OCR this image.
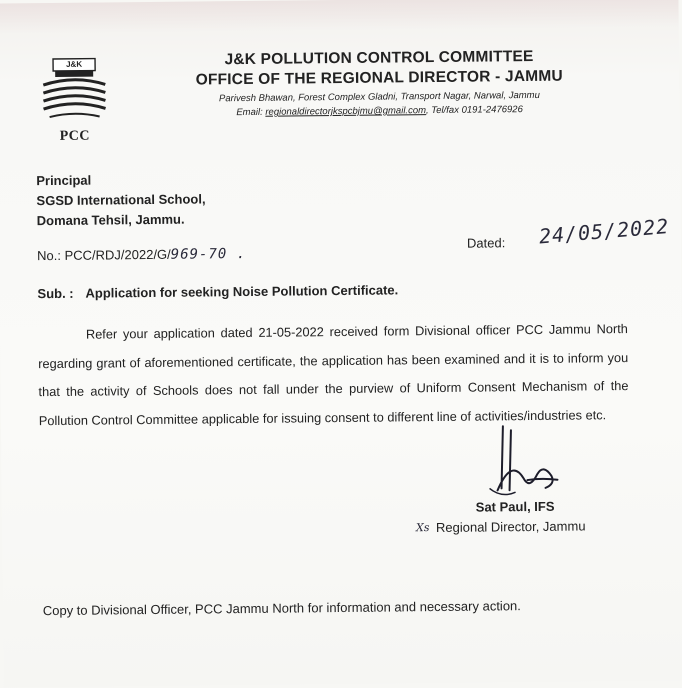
J&K
PCC
J&K POLLUTION CONTROL COMMITTEE
OFFICE OF THE REGIONAL DIRECTOR - JAMMU
Parivesh Bhawan, Forest Complex Gladni, Transport Nagar, Narwal, Jammu
Email: regionaldirectorjkspcbjmu@gmail.com, Tel/fax 0191-2476926
Principal
SGSD International School,
Domana Tehsil, Jammu.
No.: PCC/RDJ/2022/G/969-70 .
Dated: 24/05/2022
Sub. : Application for seeking Noise Pollution Certificate.
Refer your application dated 21-05-2022 received form Divisional officer PCC Jammu North regarding grant of aforementioned certificate, the application has been examined and it is to inform you that the activity of Schools does not fall under the purview of Uniform Consent Mechanism of the Pollution Control Committee applicable for issuing consent to different line of activities/industries etc.
Sat Paul, IFS
Xs Regional Director, Jammu
Copy to Divisional Officer, PCC Jammu North for information and necessary action.
